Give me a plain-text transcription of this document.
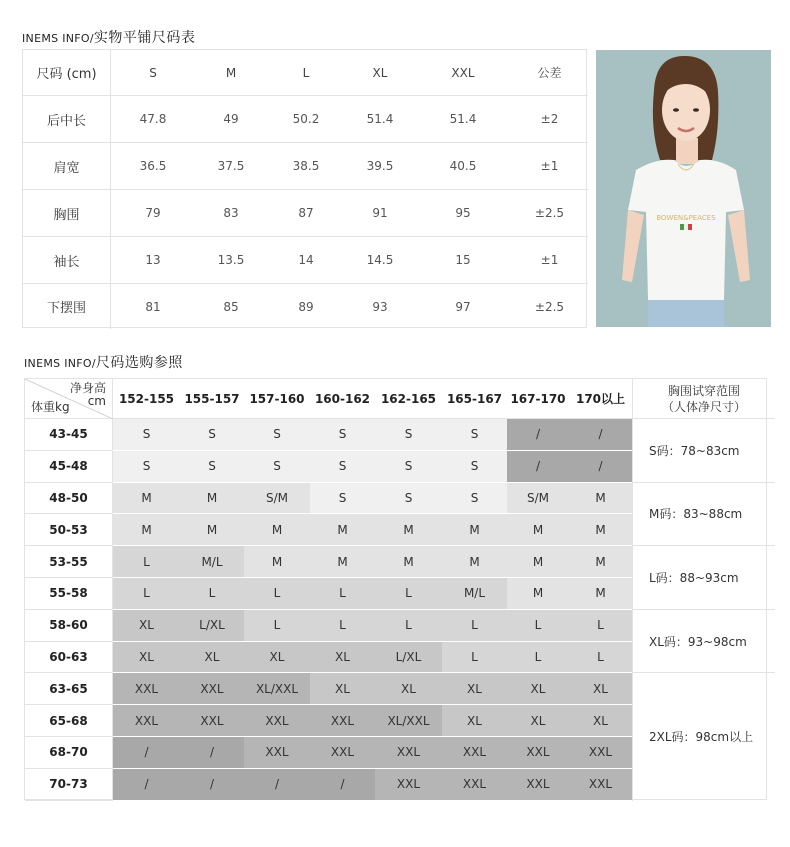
INEMS INFO/实物平铺尺码表
尺码 (cm)	S	M	L	XL	XXL	公差
后中长	47.8	49	50.2	51.4	51.4	±2
肩宽	36.5	37.5	38.5	39.5	40.5	±1
胸围	79	83	87	91	95	±2.5
袖长	13	13.5	14	14.5	15	±1
下摆围	81	85	89	93	97	±2.5
BOWEN&PEACES
INEMS INFO/尺码选购参照
净身高
cm
体重kg
152-155 155-157 157-160 160-162 162-165 165-167 167-170 170以上
胸围试穿范围
（人体净尺寸）
43-45	S	S	S	S	S	S	/	/
45-48	S	S	S	S	S	S	/	/
48-50	M	M	S/M	S	S	S	S/M	M
50-53	M	M	M	M	M	M	M	M
53-55	L	M/L	M	M	M	M	M	M
55-58	L	L	L	L	L	M/L	M	M
58-60	XL	L/XL	L	L	L	L	L	L
60-63	XL	XL	XL	XL	L/XL	L	L	L
63-65	XXL	XXL	XL/XXL	XL	XL	XL	XL	XL
65-68	XXL	XXL	XXL	XXL	XL/XXL	XL	XL	XL
68-70	/	/	XXL	XXL	XXL	XXL	XXL	XXL
70-73	/	/	/	/	XXL	XXL	XXL	XXL
S码：78~83cm
M码：83~88cm
L码：88~93cm
XL码：93~98cm
2XL码：98cm以上
